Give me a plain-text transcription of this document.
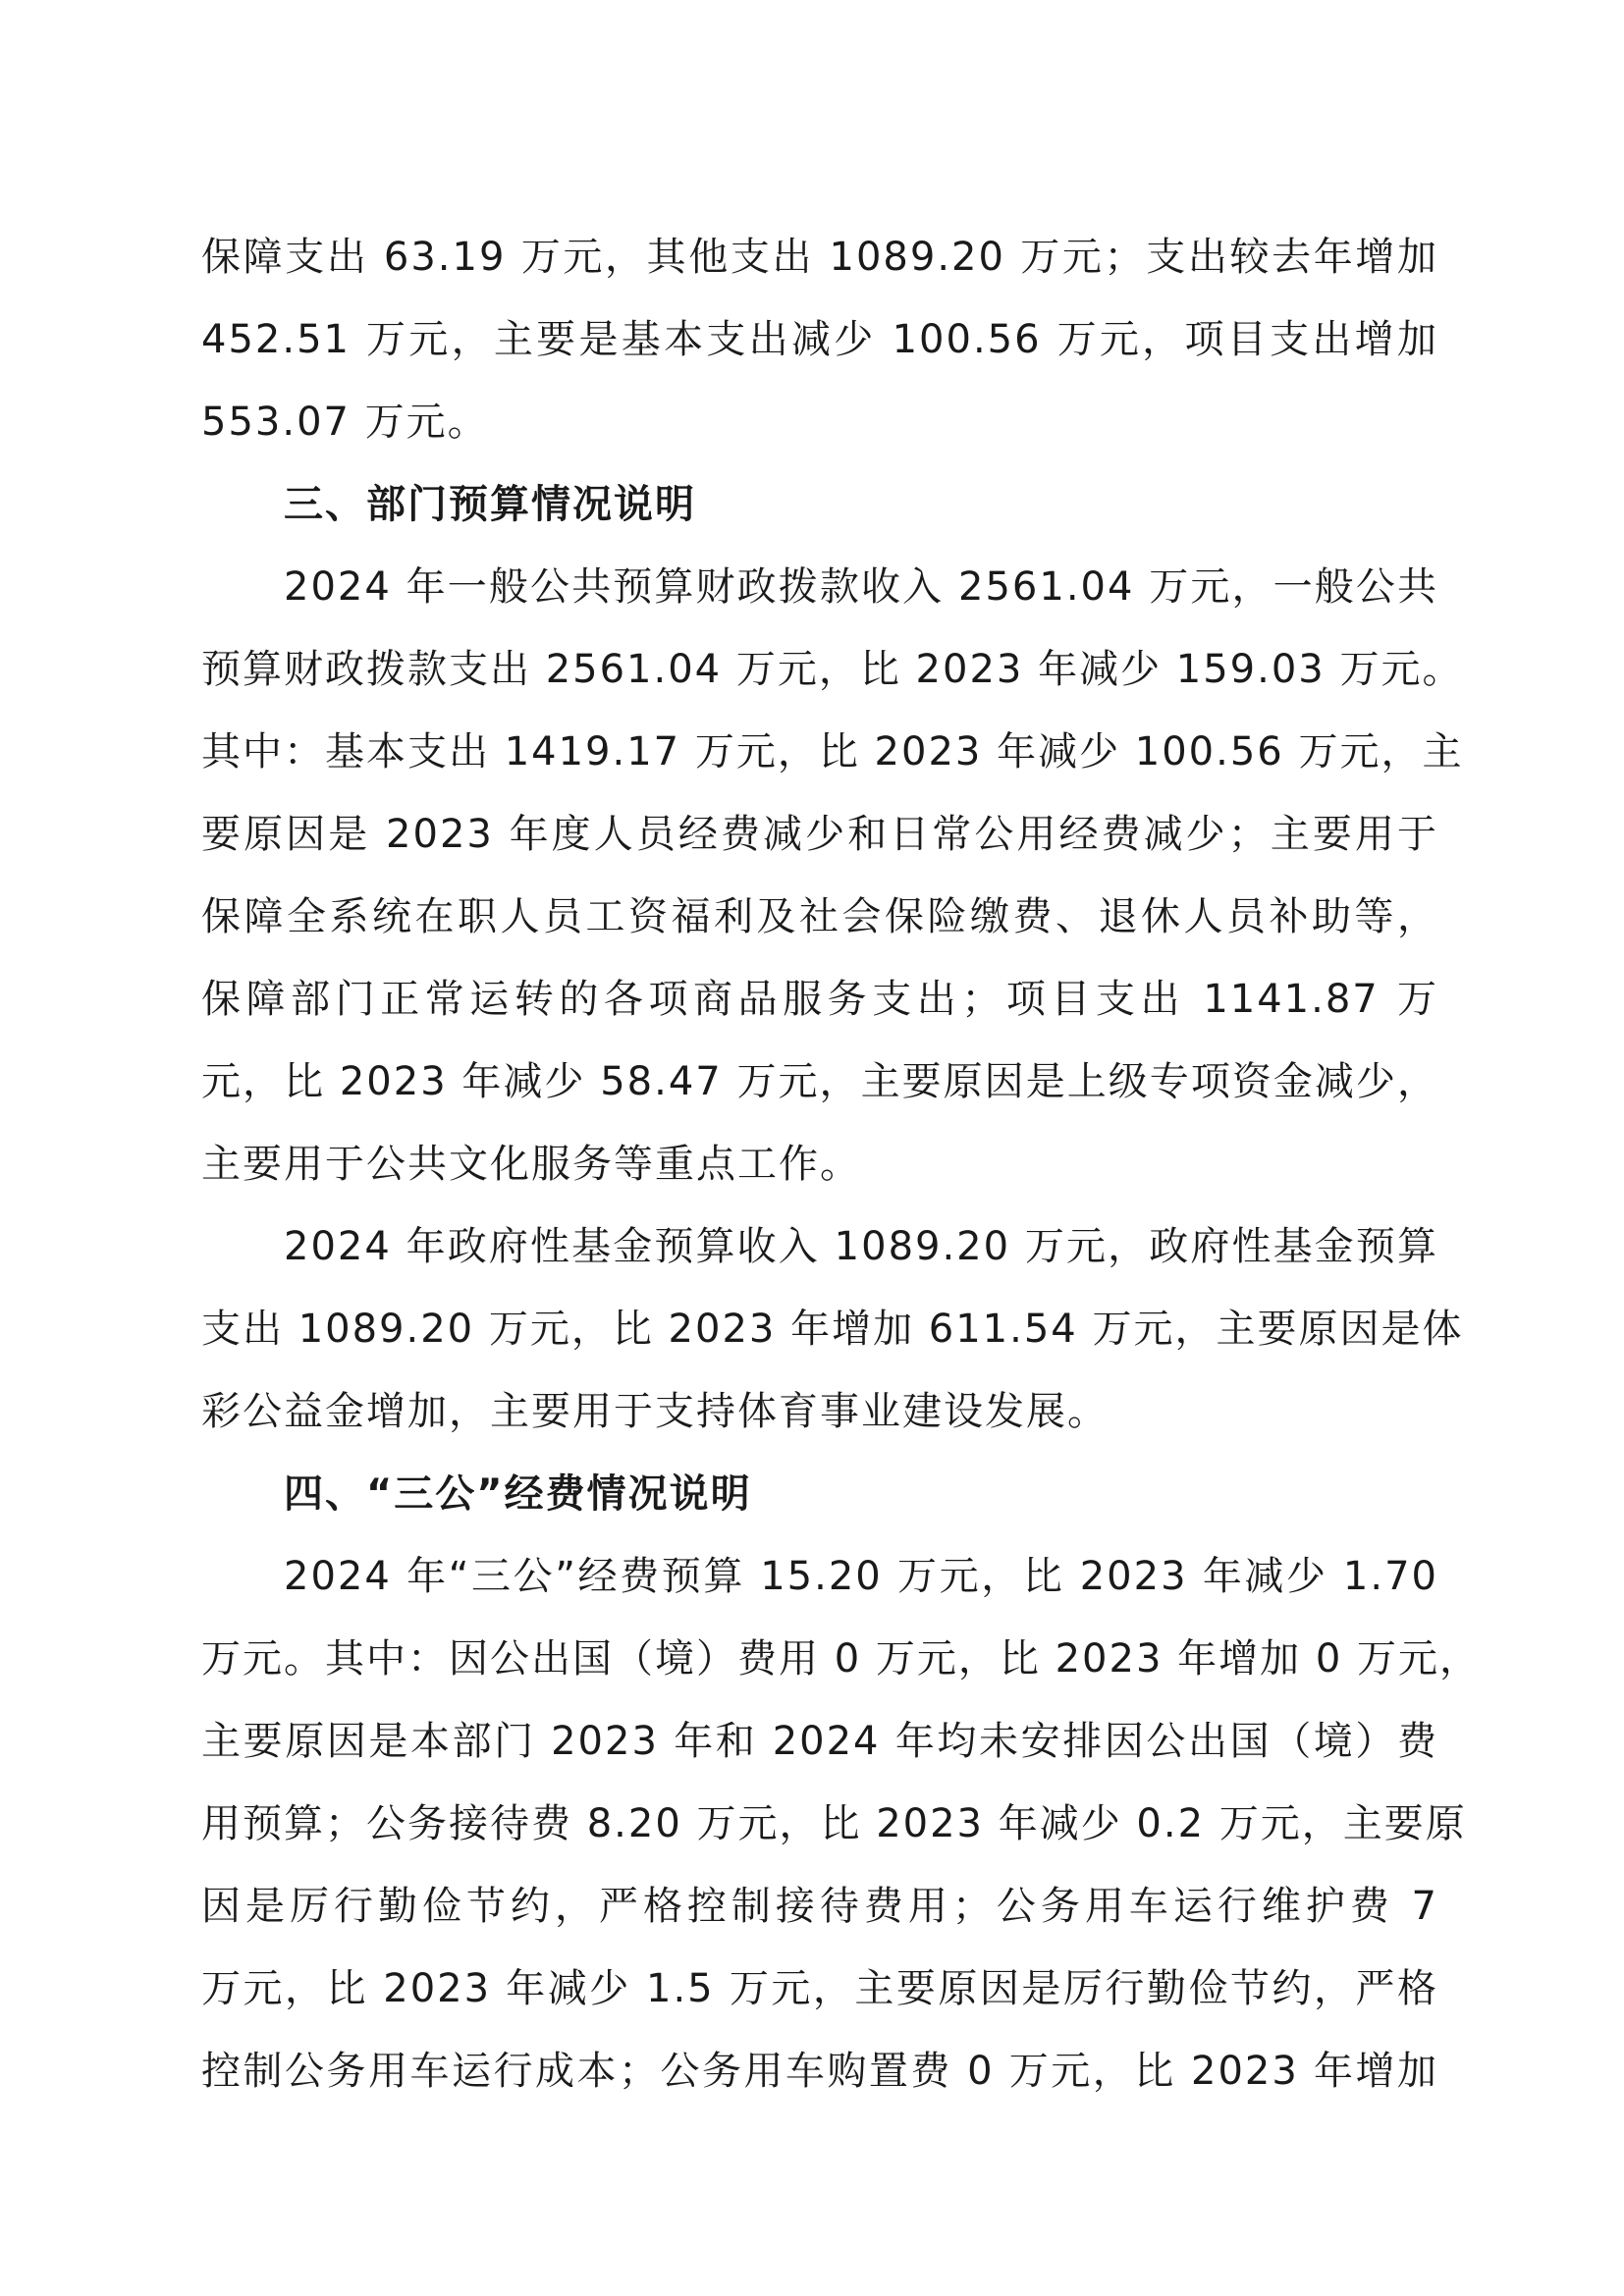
保障支出 63.19 万元，其他支出 1089.20 万元；支出较去年增加
452.51 万元，主要是基本支出减少 100.56 万元，项目支出增加
553.07 万元。
三、部门预算情况说明
2024 年一般公共预算财政拨款收入 2561.04 万元，一般公共
预算财政拨款支出 2561.04 万元，比 2023 年减少 159.03 万元。
其中：基本支出 1419.17 万元，比 2023 年减少 100.56 万元，主
要原因是 2023 年度人员经费减少和日常公用经费减少；主要用于
保障全系统在职人员工资福利及社会保险缴费、退休人员补助等，
保障部门正常运转的各项商品服务支出；项目支出 1141.87 万
元，比 2023 年减少 58.47 万元，主要原因是上级专项资金减少，
主要用于公共文化服务等重点工作。
2024 年政府性基金预算收入 1089.20 万元，政府性基金预算
支出 1089.20 万元，比 2023 年增加 611.54 万元，主要原因是体
彩公益金增加，主要用于支持体育事业建设发展。
四、“三公”经费情况说明
2024 年“三公”经费预算 15.20 万元，比 2023 年减少 1.70
万元。其中：因公出国（境）费用 0 万元，比 2023 年增加 0 万元，
主要原因是本部门 2023 年和 2024 年均未安排因公出国（境）费
用预算；公务接待费 8.20 万元，比 2023 年减少 0.2 万元，主要原
因是厉行勤俭节约，严格控制接待费用；公务用车运行维护费 7
万元，比 2023 年减少 1.5 万元，主要原因是厉行勤俭节约，严格
控制公务用车运行成本；公务用车购置费 0 万元，比 2023 年增加
